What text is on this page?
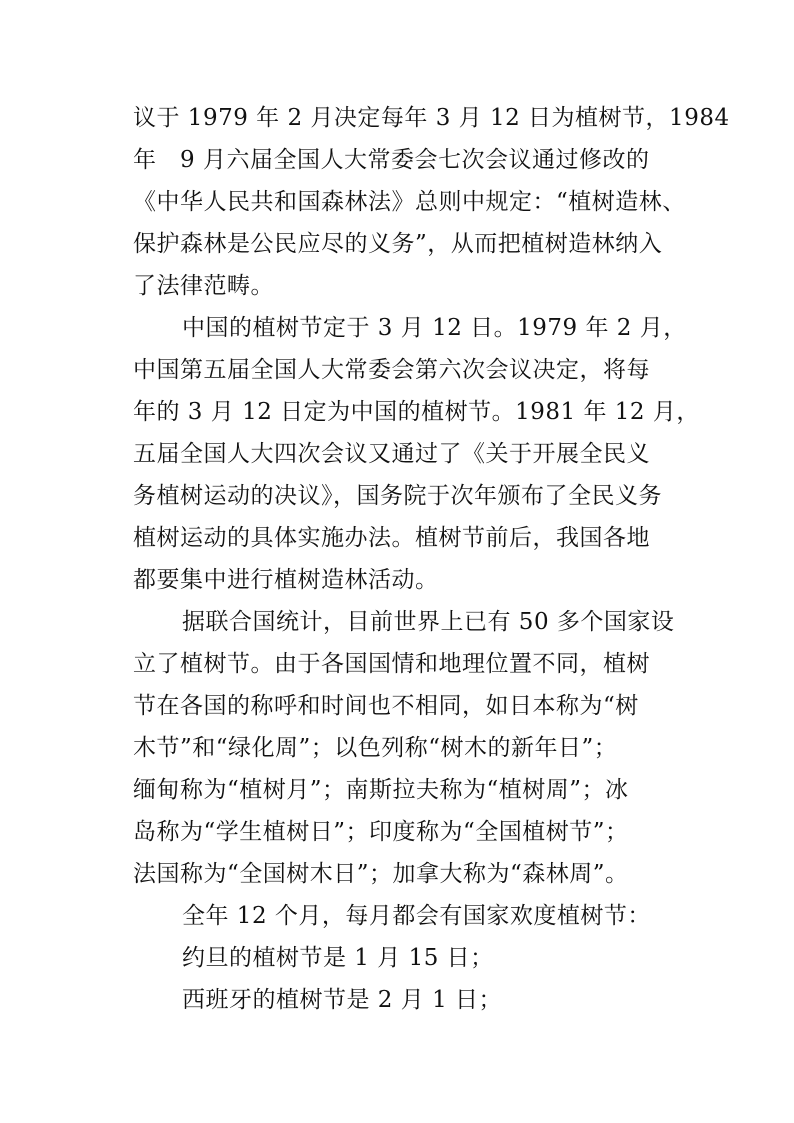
议于 1979 年 2 月决定每年 3 月 12 日为植树节，1984
年　9 月六届全国人大常委会七次会议通过修改的
《中华人民共和国森林法》总则中规定：“植树造林、
保护森林是公民应尽的义务”，从而把植树造林纳入
了法律范畴。
中国的植树节定于 3 月 12 日。1979 年 2 月，
中国第五届全国人大常委会第六次会议决定，将每
年的 3 月 12 日定为中国的植树节。1981 年 12 月，
五届全国人大四次会议又通过了《关于开展全民义
务植树运动的决议》，国务院于次年颁布了全民义务
植树运动的具体实施办法。植树节前后，我国各地
都要集中进行植树造林活动。
据联合国统计，目前世界上已有 50 多个国家设
立了植树节。由于各国国情和地理位置不同，植树
节在各国的称呼和时间也不相同，如日本称为“树
木节”和“绿化周”；以色列称“树木的新年日”；
缅甸称为“植树月”；南斯拉夫称为“植树周”；冰
岛称为“学生植树日”；印度称为“全国植树节”；
法国称为“全国树木日”；加拿大称为“森林周”。
全年 12 个月，每月都会有国家欢度植树节：
约旦的植树节是 1 月 15 日；
西班牙的植树节是 2 月 1 日；
